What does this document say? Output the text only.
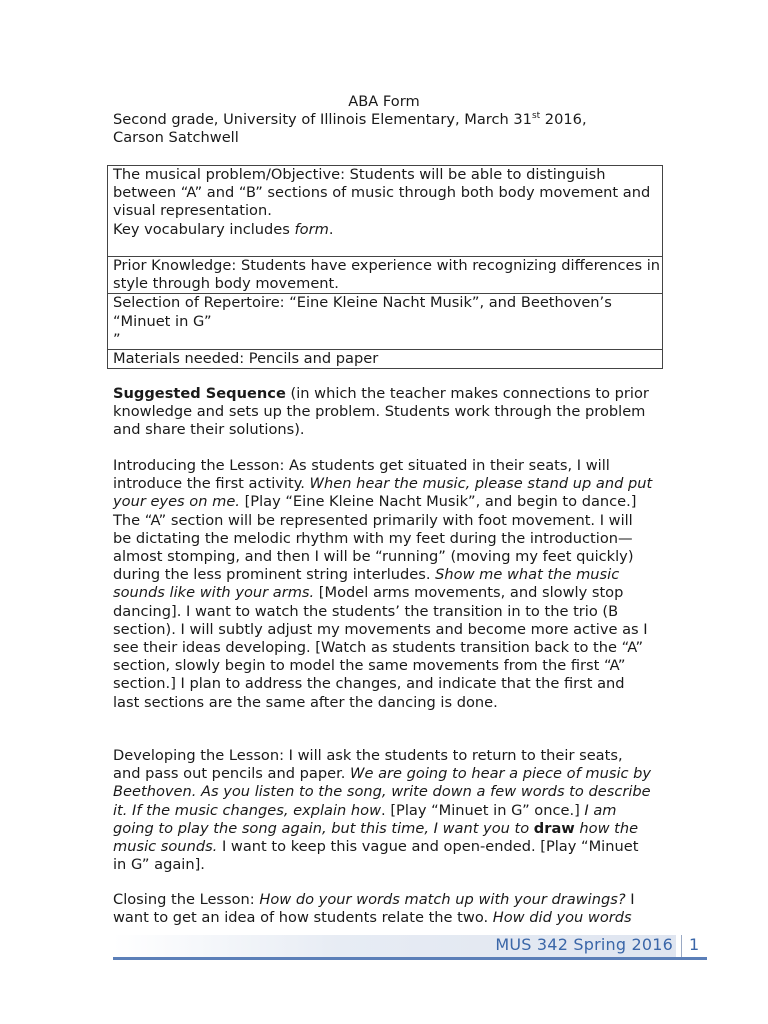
ABA Form
Second grade, University of Illinois Elementary, March 31st 2016,
Carson Satchwell
The musical problem/Objective: Students will be able to distinguish between “A” and “B” sections of music through both body movement and visual representation.
Key vocabulary includes form.
Prior Knowledge: Students have experience with recognizing differences in style through body movement.
Selection of Repertoire: “Eine Kleine Nacht Musik”, and Beethoven’s “Minuet in G”
”
Materials needed: Pencils and paper
Suggested Sequence (in which the teacher makes connections to prior knowledge and sets up the problem. Students work through the problem and share their solutions).
Introducing the Lesson: As students get situated in their seats, I will introduce the first activity. When hear the music, please stand up and put your eyes on me. [Play “Eine Kleine Nacht Musik”, and begin to dance.] The “A” section will be represented primarily with foot movement. I will be dictating the melodic rhythm with my feet during the introduction—almost stomping, and then I will be “running” (moving my feet quickly) during the less prominent string interludes. Show me what the music sounds like with your arms. [Model arms movements, and slowly stop dancing]. I want to watch the students’ the transition in to the trio (B section). I will subtly adjust my movements and become more active as I see their ideas developing. [Watch as students transition back to the “A” section, slowly begin to model the same movements from the first “A” section.] I plan to address the changes, and indicate that the first and last sections are the same after the dancing is done.
Developing the Lesson: I will ask the students to return to their seats, and pass out pencils and paper. We are going to hear a piece of music by Beethoven. As you listen to the song, write down a few words to describe it. If the music changes, explain how. [Play “Minuet in G” once.] I am going to play the song again, but this time, I want you to draw how the music sounds. I want to keep this vague and open-ended. [Play “Minuet in G” again].
Closing the Lesson: How do your words match up with your drawings? I want to get an idea of how students relate the two. How did you words
MUS 342 Spring 2016 1
